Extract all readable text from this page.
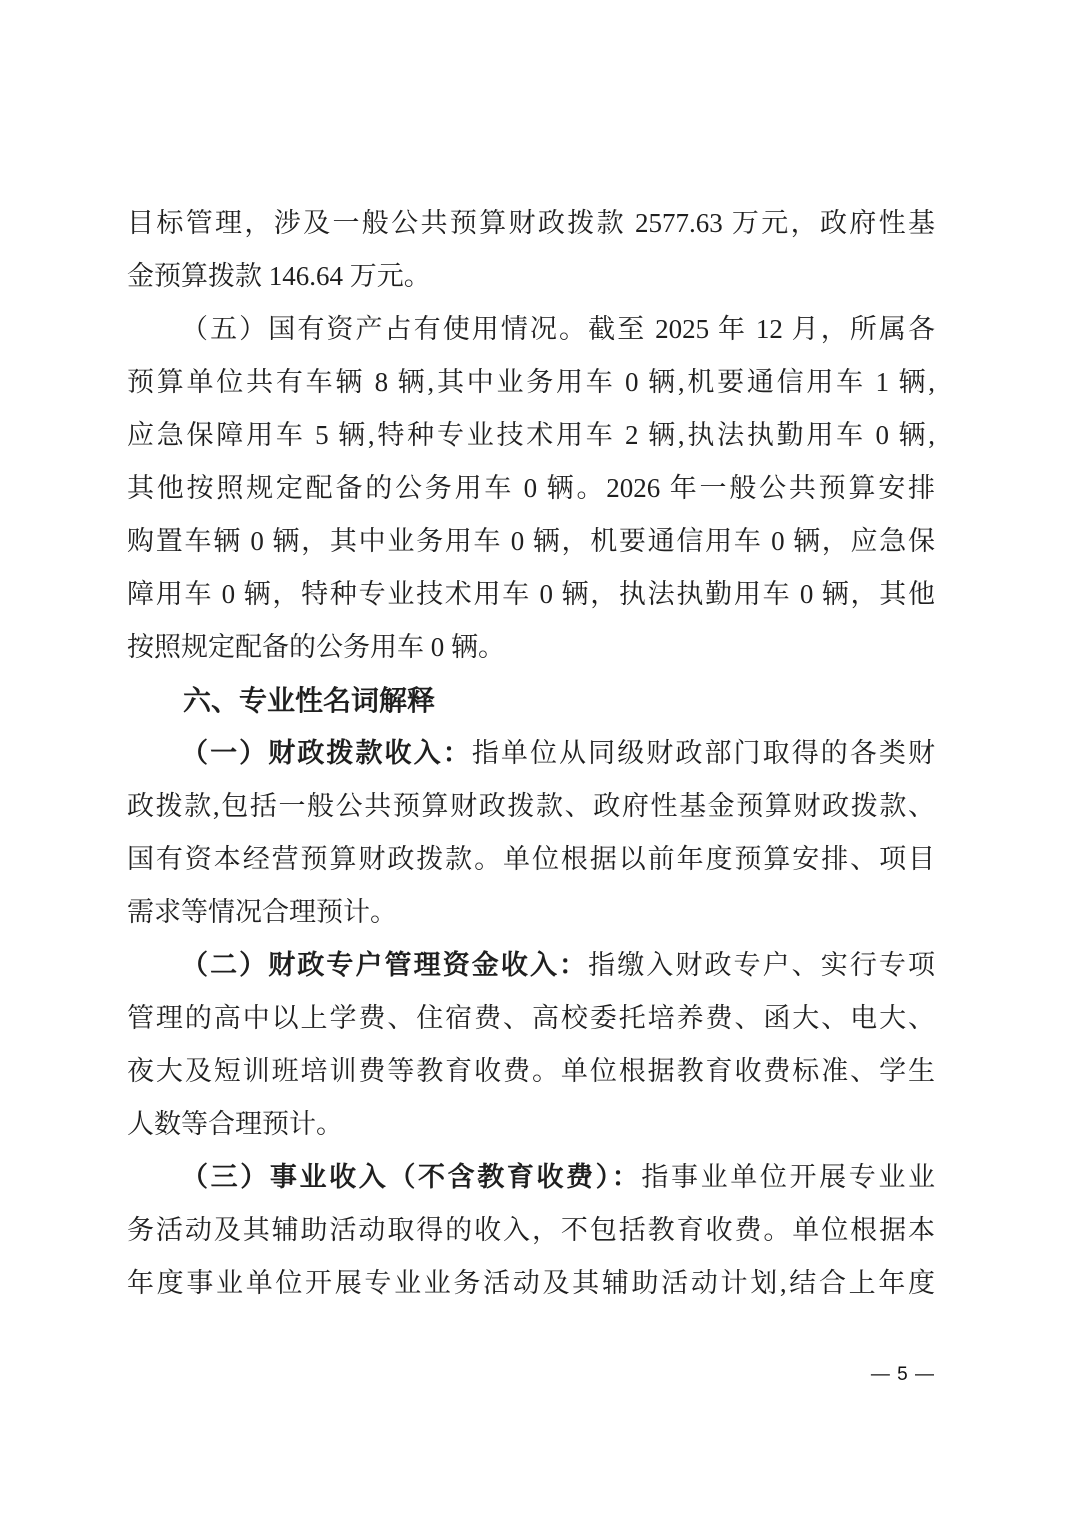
目标管理，涉及一般公共预算财政拨款 2577.63 万元，政府性基
金预算拨款 146.64 万元。
（五）国有资产占有使用情况。截至 2025 年 12 月，所属各
预算单位共有车辆 8 辆,其中业务用车 0 辆,机要通信用车 1 辆,
应急保障用车 5 辆,特种专业技术用车 2 辆,执法执勤用车 0 辆,
其他按照规定配备的公务用车 0 辆。2026 年一般公共预算安排
购置车辆 0 辆，其中业务用车 0 辆，机要通信用车 0 辆，应急保
障用车 0 辆，特种专业技术用车 0 辆，执法执勤用车 0 辆，其他
按照规定配备的公务用车 0 辆。
六、专业性名词解释
（一）财政拨款收入：指单位从同级财政部门取得的各类财
政拨款,包括一般公共预算财政拨款、政府性基金预算财政拨款、
国有资本经营预算财政拨款。单位根据以前年度预算安排、项目
需求等情况合理预计。
（二）财政专户管理资金收入：指缴入财政专户、实行专项
管理的高中以上学费、住宿费、高校委托培养费、函大、电大、
夜大及短训班培训费等教育收费。单位根据教育收费标准、学生
人数等合理预计。
（三）事业收入（不含教育收费）：指事业单位开展专业业
务活动及其辅助活动取得的收入，不包括教育收费。单位根据本
年度事业单位开展专业业务活动及其辅助活动计划,结合上年度
— 5 —
